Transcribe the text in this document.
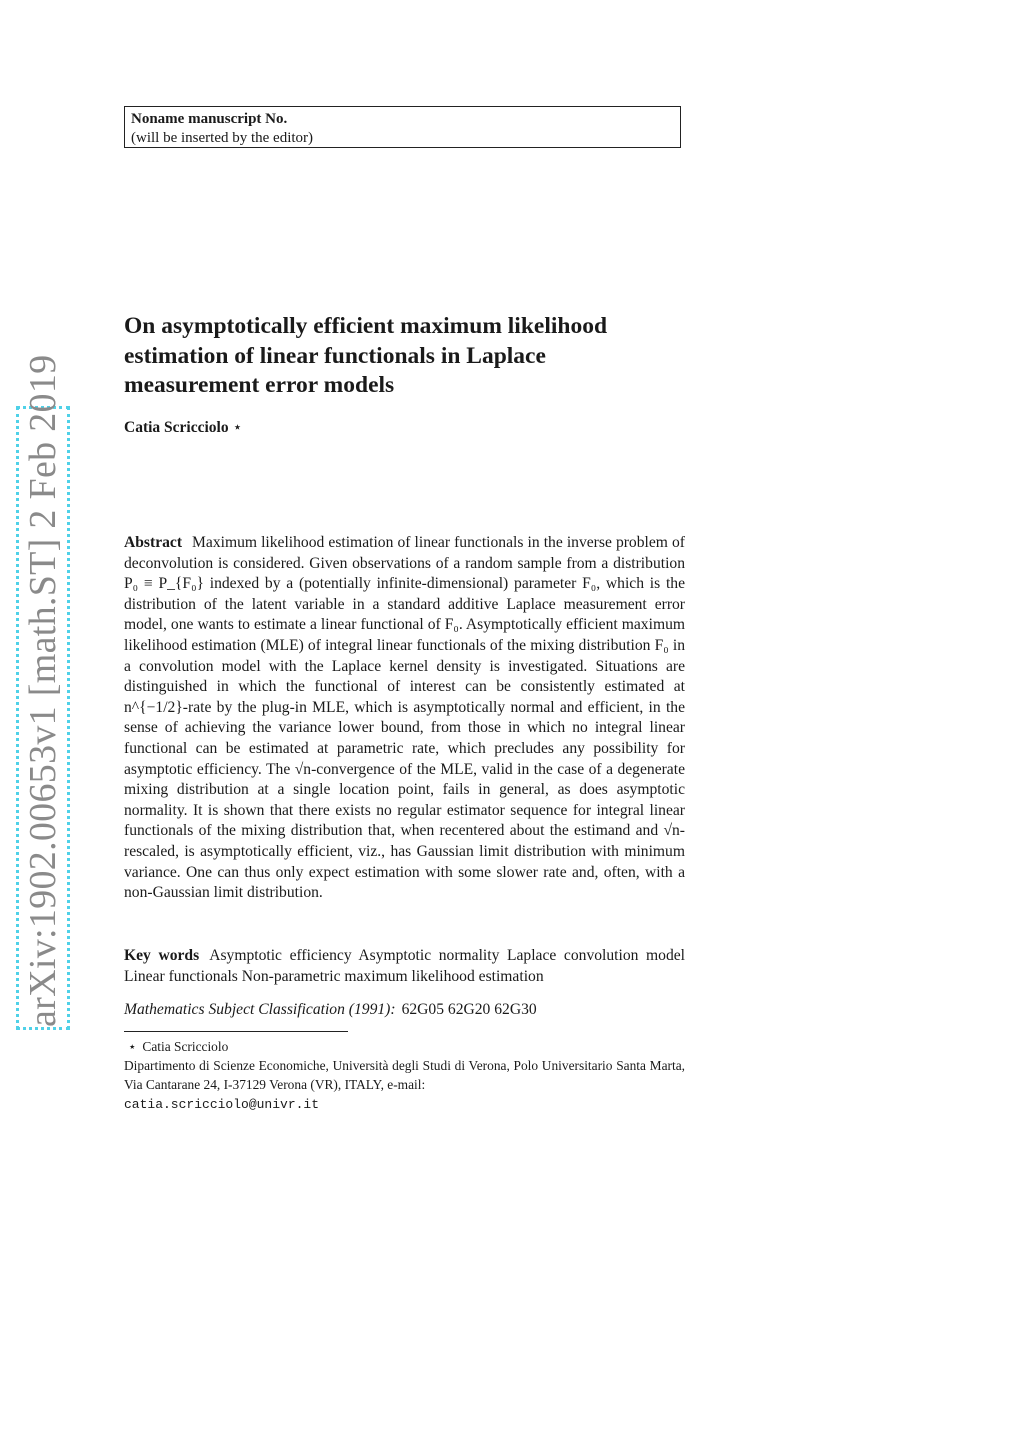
Noname manuscript No.
(will be inserted by the editor)
arXiv:1902.00653v1 [math.ST] 2 Feb 2019
On asymptotically efficient maximum likelihood
estimation of linear functionals in Laplace
measurement error models
Catia Scricciolo ⋆

Abstract Maximum likelihood estimation of linear functionals in the inverse problem of deconvolution is considered. Given observations of a random sample from a distribution P₀ ≡ P_{F₀} indexed by a (potentially infinite-dimensional) parameter F₀, which is the distribution of the latent variable in a standard additive Laplace measurement error model, one wants to estimate a linear functional of F₀. Asymptotically efficient maximum likelihood estimation (MLE) of integral linear functionals of the mixing distribution F₀ in a convolution model with the Laplace kernel density is investigated. Situations are distinguished in which the functional of interest can be consistently estimated at n^{−1/2}-rate by the plug-in MLE, which is asymptotically normal and efficient, in the sense of achieving the variance lower bound, from those in which no integral linear functional can be estimated at parametric rate, which precludes any possibility for asymptotic efficiency. The √n-convergence of the MLE, valid in the case of a degenerate mixing distribution at a single location point, fails in general, as does asymptotic normality. It is shown that there exists no regular estimator sequence for integral linear functionals of the mixing distribution that, when recentered about the estimand and √n-rescaled, is asymptotically efficient, viz., has Gaussian limit distribution with minimum variance. One can thus only expect estimation with some slower rate and, often, with a non-Gaussian limit distribution.

Key words Asymptotic efficiency Asymptotic normality Laplace convolution model Linear functionals Non-parametric maximum likelihood estimation

Mathematics Subject Classification (1991): 62G05 62G20 62G30

⋆ Catia Scricciolo
Dipartimento di Scienze Economiche, Università degli Studi di Verona, Polo Universitario Santa Marta, Via Cantarane 24, I-37129 Verona (VR), ITALY, e-mail:
catia.scricciolo@univr.it
